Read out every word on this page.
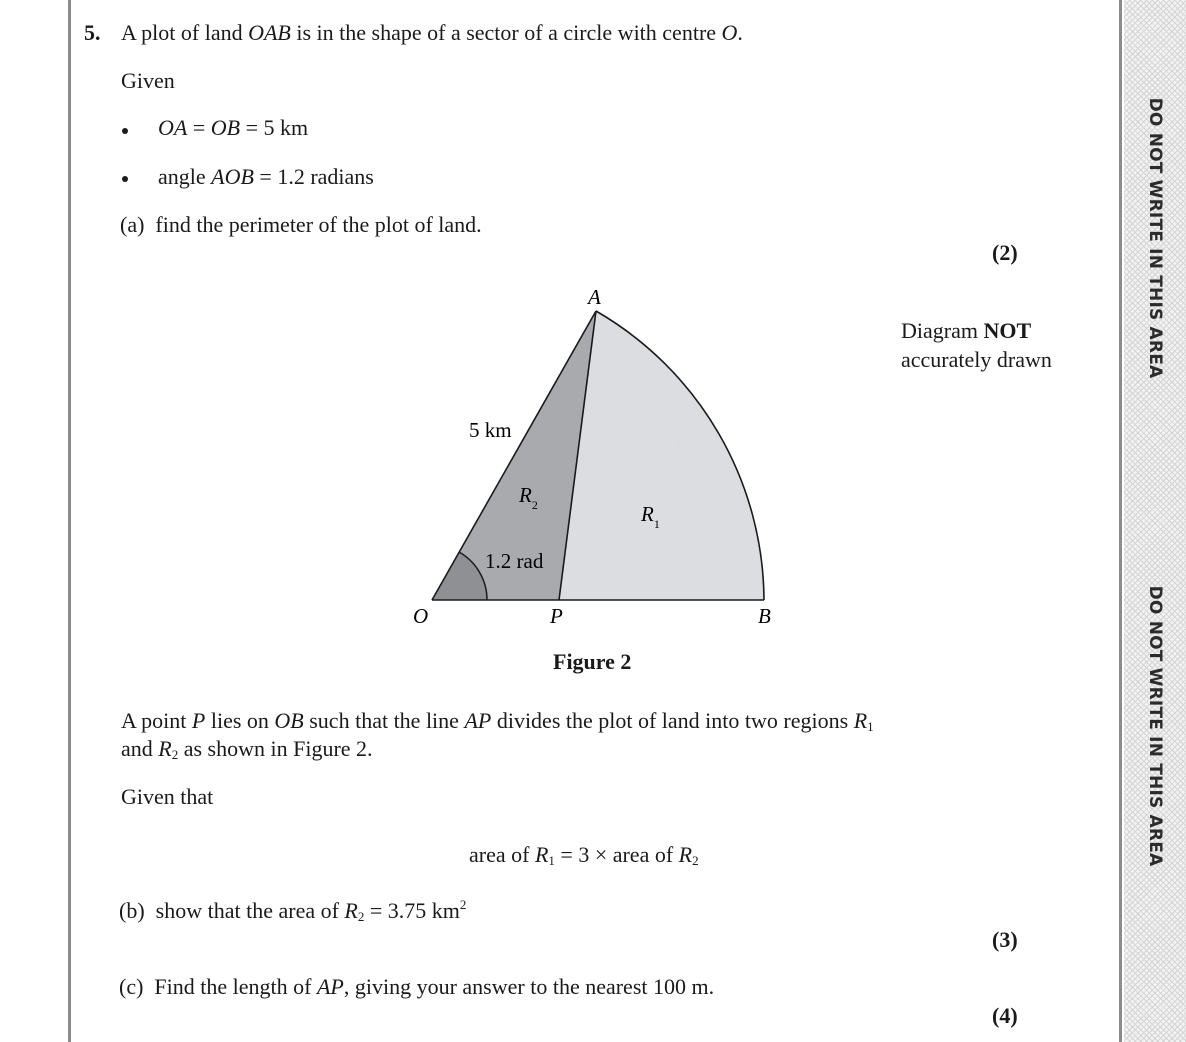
DO NOT WRITE IN THIS AREA
DO NOT WRITE IN THIS AREA
5. A plot of land OAB is in the shape of a sector of a circle with centre O.
Given
OA = OB = 5 km
angle AOB = 1.2 radians
(a) find the perimeter of the plot of land.
(2)
Diagram NOT
accurately drawn
A
O	P	B
5 km
1.2 rad
$R_2$	$R_1$
Figure 2
A point P lies on OB such that the line AP divides the plot of land into two regions $R_1$
and $R_2$ as shown in Figure 2.
Given that
area of $R_1 = 3$ × area of $R_2$
(b) show that the area of $R_2 = 3.75$ $km^2$
(3)
(c) Find the length of AP, giving your answer to the nearest 100 m.
(4)
